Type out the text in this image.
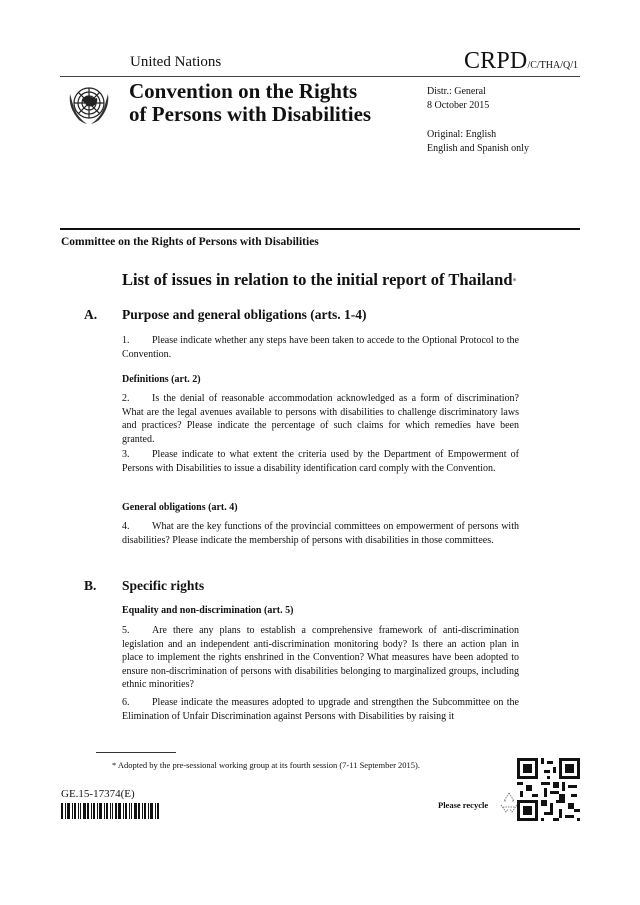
United Nations	CRPD/C/THA/Q/1
Convention on the Rights
of Persons with Disabilities
Distr.: General
8 October 2015
Original: English
English and Spanish only
Committee on the Rights of Persons with Disabilities
List of issues in relation to the initial report of Thailand*
A. Purpose and general obligations (arts. 1-4)
1. Please indicate whether any steps have been taken to accede to the Optional Protocol to the Convention.
Definitions (art. 2)
2. Is the denial of reasonable accommodation acknowledged as a form of discrimination? What are the legal avenues available to persons with disabilities to challenge discriminatory laws and practices? Please indicate the percentage of such claims for which remedies have been granted.
3. Please indicate to what extent the criteria used by the Department of Empowerment of Persons with Disabilities to issue a disability identification card comply with the Convention.
General obligations (art. 4)
4. What are the key functions of the provincial committees on empowerment of persons with disabilities? Please indicate the membership of persons with disabilities in those committees.
B. Specific rights
Equality and non-discrimination (art. 5)
5. Are there any plans to establish a comprehensive framework of anti-discrimination legislation and an independent anti-discrimination monitoring body? Is there an action plan in place to implement the rights enshrined in the Convention? What measures have been adopted to ensure non-discrimination of persons with disabilities belonging to marginalized groups, including ethnic minorities?
6. Please indicate the measures adopted to upgrade and strengthen the Subcommittee on the Elimination of Unfair Discrimination against Persons with Disabilities by raising it
* Adopted by the pre-sessional working group at its fourth session (7-11 September 2015).
GE.15-17374(E)
Please recycle
